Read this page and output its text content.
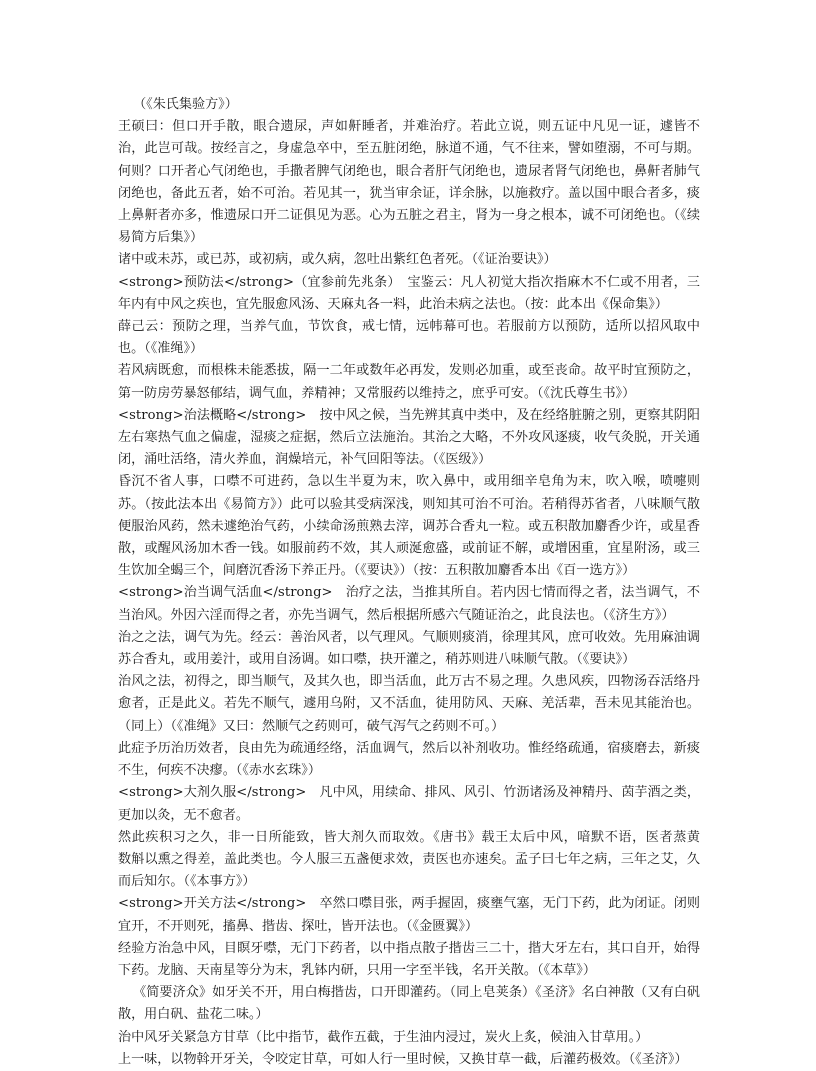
（《朱氏集验方》）

王硕曰：但口开手散，眼合遗尿，声如鼾睡者，并难治疗。若此立说，则五证中凡见一证，遽皆不治，此岂可哉。按经言之，身虚急卒中，至五脏闭绝，脉道不通，气不往来，譬如堕溺，不可与期。何则？口开者心气闭绝也，手撒者脾气闭绝也，眼合者肝气闭绝也，遗尿者肾气闭绝也，鼻鼾者肺气闭绝也，备此五者，始不可治。若见其一，犹当审余证，详余脉，以施救疗。盖以国中眼合者多，痰上鼻鼾者亦多，惟遗尿口开二证俱见为恶。心为五脏之君主，肾为一身之根本，诚不可闭绝也。（《续易简方后集》）

诸中或未苏，或已苏，或初病，或久病，忽吐出紫红色者死。（《证治要诀》）

<strong>预防法</strong>（宜参前先兆条）　宝鉴云：凡人初觉大指次指麻木不仁或不用者，三年内有中风之疾也，宜先服愈风汤、天麻丸各一料，此治未病之法也。（按：此本出《保命集》）

薛己云：预防之理，当养气血，节饮食，戒七情，远帏幕可也。若服前方以预防，适所以招风取中也。（《准绳》）

若风病既愈，而根株未能悉拔，隔一二年或数年必再发，发则必加重，或至丧命。故平时宜预防之，第一防房劳暴怒郁结，调气血，养精神；又常服药以维持之，庶乎可安。（《沈氏尊生书》）

<strong>治法概略</strong>　按中风之候，当先辨其真中类中，及在经络脏腑之别，更察其阴阳左右寒热气血之偏虚，湿痰之症据，然后立法施治。其治之大略，不外攻风逐痰，收气灸脱，开关通闭，涌吐活络，清火养血，润燥培元，补气回阳等法。（《医级》）

昏沉不省人事，口噤不可进药，急以生半夏为末，吹入鼻中，或用细辛皂角为末，吹入喉，喷嚏则苏。（按此法本出《易简方》）此可以验其受病深浅，则知其可治不可治。若稍得苏省者，八味顺气散便服治风药，然未遽绝治气药，小续命汤煎熟去滓，调苏合香丸一粒。或五积散加麝香少许，或星香散，或醒风汤加木香一钱。如服前药不效，其人顽涎愈盛，或前证不解，或增困重，宜星附汤，或三生饮加全蝎三个，间磨沉香汤下养正丹。（《要诀》）（按：五积散加麝香本出《百一选方》）

<strong>治当调气活血</strong>　治疗之法，当推其所自。若内因七情而得之者，法当调气，不当治风。外因六淫而得之者，亦先当调气，然后根据所感六气随证治之，此良法也。（《济生方》）

治之之法，调气为先。经云：善治风者，以气理风。气顺则痰消，徐理其风，庶可收效。先用麻油调苏合香丸，或用姜汁，或用自汤调。如口噤，抉开灌之，稍苏则进八味顺气散。（《要诀》）

治风之法，初得之，即当顺气，及其久也，即当活血，此万古不易之理。久患风疾，四物汤吞活络丹愈者，正是此义。若先不顺气，遽用乌附，又不活血，徒用防风、天麻、羌活辈，吾未见其能治也。（同上）（《准绳》又曰：然顺气之药则可，破气泻气之药则不可。）

此症予历治历效者，良由先为疏通经络，活血调气，然后以补剂收功。惟经络疏通，宿痰磨去，新痰不生，何疾不决瘳。（《赤水玄珠》）

<strong>大剂久服</strong>　凡中风，用续命、排风、风引、竹沥诸汤及神精丹、茵芋酒之类，更加以灸，无不愈者。

然此疾积习之久，非一日所能致，皆大剂久而取效。《唐书》载王太后中风，喑默不语，医者蒸黄　数斛以熏之得差，盖此类也。今人服三五盏便求效，责医也亦速矣。孟子曰七年之病，三年之艾，久而后知尔。（《本事方》）

<strong>开关方法</strong>　卒然口噤目张，两手握固，痰壅气塞，无门下药，此为闭证。闭则宜开，不开则死，搐鼻、揩齿、探吐，皆开法也。（《金匮翼》）

经验方治急中风，目瞑牙噤，无门下药者，以中指点散子揩齿三二十，揩大牙左右，其口自开，始得下药。龙脑、天南星等分为末，乳钵内研，只用一字至半钱，名开关散。（《本草》）

《简要济众》如牙关不开，用白梅揩齿，口开即灌药。（同上皂荚条）《圣济》名白神散（又有白矾散，用白矾、盐花二味。）

治中风牙关紧急方甘草（比中指节，截作五截，于生油内浸过，炭火上炙，候油入甘草用。）

上一味，以物斡开牙关，令咬定甘草，可如人行一里时候，又换甘草一截，后灌药极效。（《圣济》）
